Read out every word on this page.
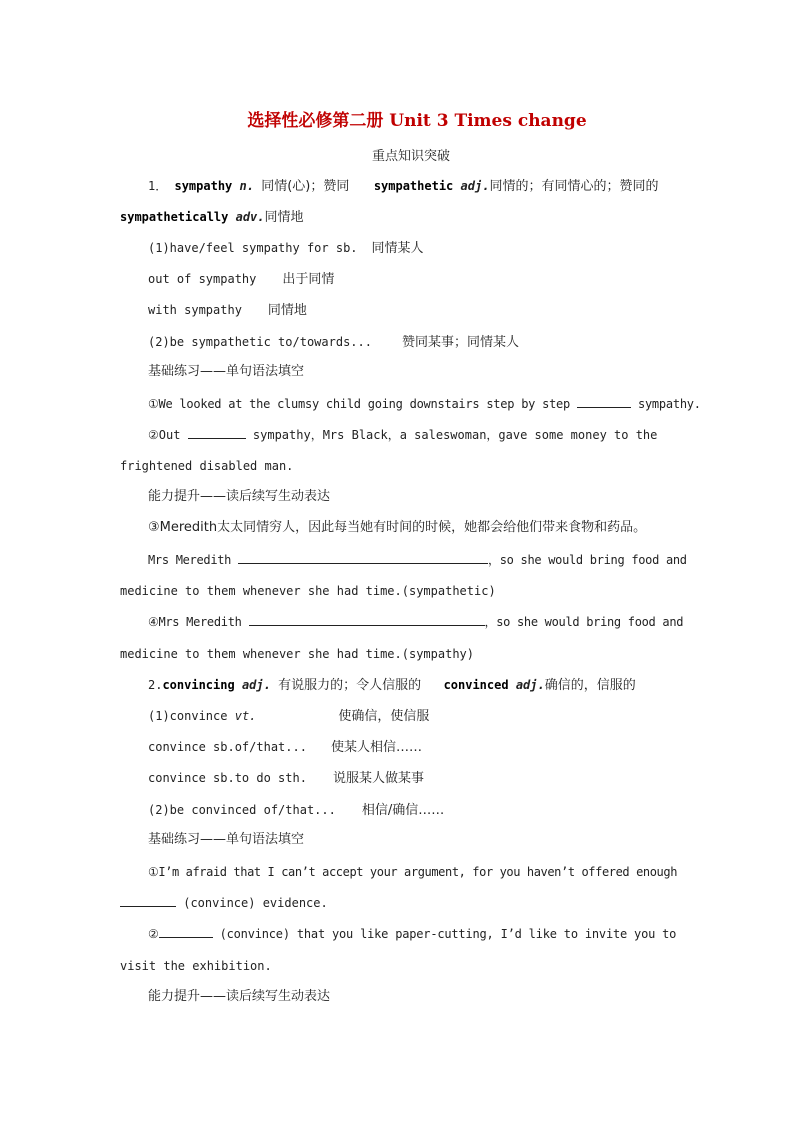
选择性必修第二册 Unit 3 Times change
重点知识突破
1． sympathy n. 同情(心)；赞同 sympathetic adj.同情的；有同情心的；赞同的
sympathetically adv.同情地
(1)have/feel sympathy for sb. 同情某人
out of sympathy 出于同情
with sympathy 同情地
(2)be sympathetic to/towards... 赞同某事；同情某人
基础练习——单句语法填空
①We looked at the clumsy child going downstairs step by step	sympathy.
②Out	sympathy，Mrs Black，a saleswoman，gave some money to the
frightened disabled man.
能力提升——读后续写生动表达
③Meredith太太同情穷人，因此每当她有时间的时候，她都会给他们带来食物和药品。
Mrs Meredith	，so she would bring food and
medicine to them whenever she had time.(sympathetic)
④Mrs Meredith	，so she would bring food and
medicine to them whenever she had time.(sympathy)
2.convincing adj. 有说服力的；令人信服的 convinced adj.确信的，信服的
(1)convince vt.	使确信，使信服
convince sb.of/that... 使某人相信……
convince sb.to do sth. 说服某人做某事
(2)be convinced of/that... 相信/确信……
基础练习——单句语法填空
①I’m afraid that I can’t accept your argument, for you haven’t offered enough
(convince) evidence.
②	(convince) that you like paper-cutting, I’d like to invite you to
visit the exhibition.
能力提升——读后续写生动表达
